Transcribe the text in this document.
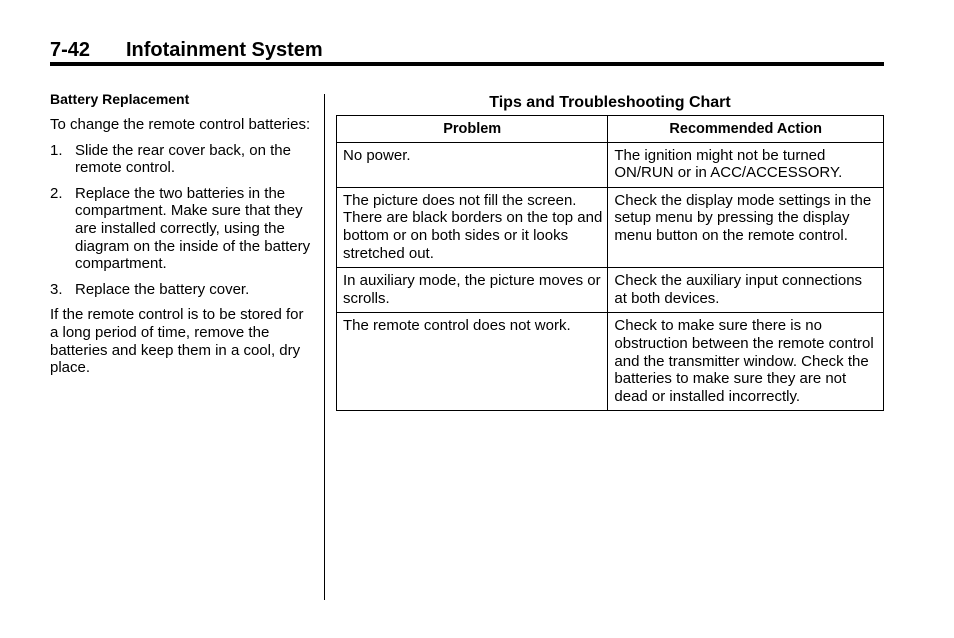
7-42 Infotainment System
Battery Replacement

To change the remote control batteries:

1. Slide the rear cover back, on the remote control.
2. Replace the two batteries in the compartment. Make sure that they are installed correctly, using the diagram on the inside of the battery compartment.
3. Replace the battery cover.

If the remote control is to be stored for a long period of time, remove the batteries and keep them in a cool, dry place.

Tips and Troubleshooting Chart
Problem	Recommended Action
No power.	The ignition might not be turned ON/RUN or in ACC/ACCESSORY.
The picture does not fill the screen. There are black borders on the top and bottom or on both sides or it looks stretched out.	Check the display mode settings in the setup menu by pressing the display menu button on the remote control.
In auxiliary mode, the picture moves or scrolls.	Check the auxiliary input connections at both devices.
The remote control does not work.	Check to make sure there is no obstruction between the remote control and the transmitter window. Check the batteries to make sure they are not dead or installed incorrectly.
